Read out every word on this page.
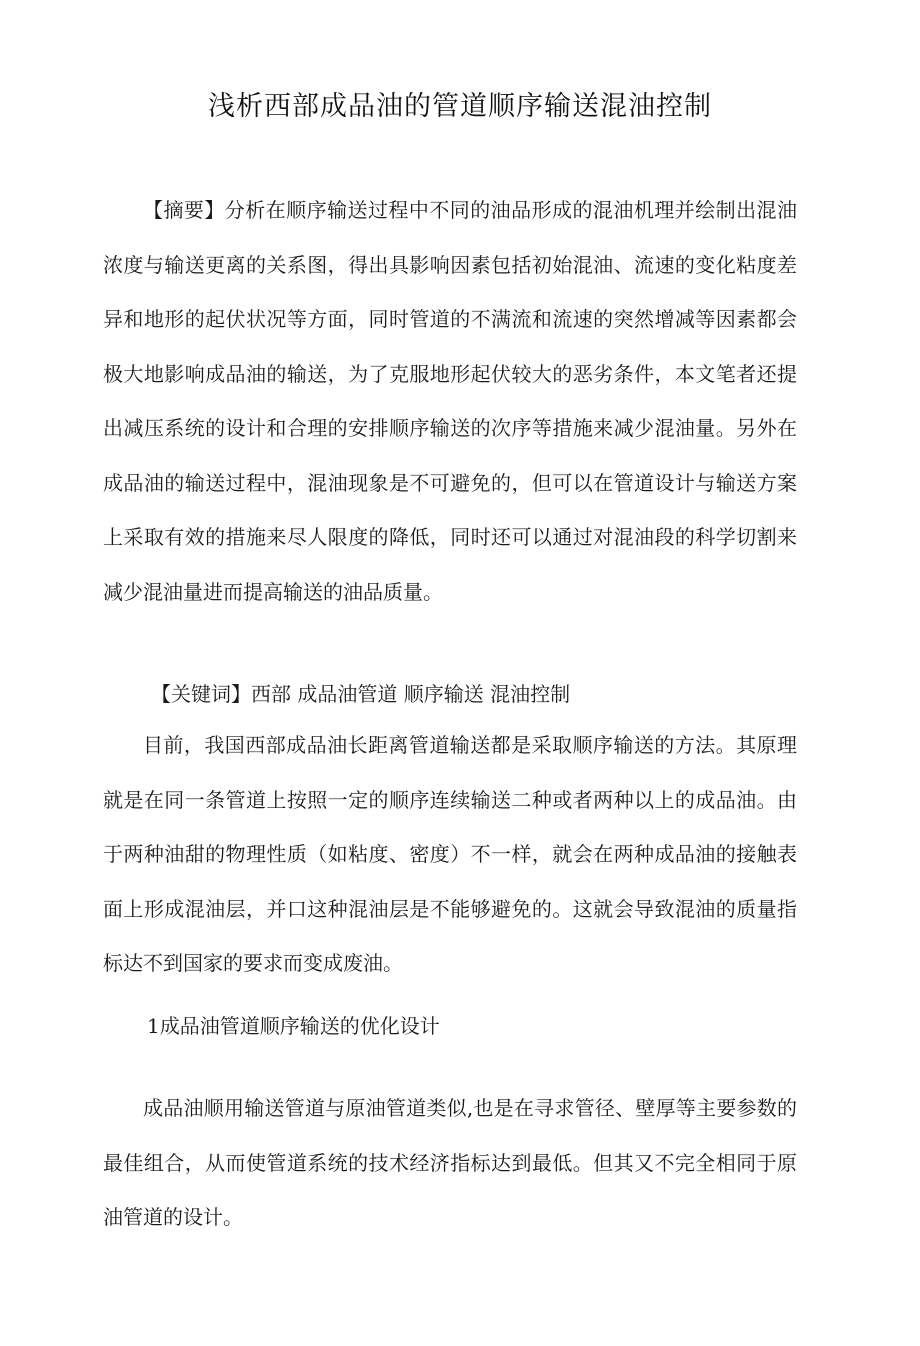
浅析西部成品油的管道顺序输送混油控制

【摘要】分析在顺序输送过程中不同的油品形成的混油机理并绘制出混油浓度与输送更离的关系图，得出具影响因素包括初始混油、流速的变化粘度差异和地形的起伏状况等方面，同时管道的不满流和流速的突然增减等因素都会极大地影响成品油的输送，为了克服地形起伏较大的恶劣条件，本文笔者还提出减压系统的设计和合理的安排顺序输送的次序等措施来减少混油量。另外在成品油的输送过程中，混油现象是不可避免的，但可以在管道设计与输送方案上采取有效的措施来尽人限度的降低，同时还可以通过对混油段的科学切割来减少混油量进而提高输送的油品质量。

【关键词】西部 成品油管道 顺序输送 混油控制

目前，我国西部成品油长距离管道输送都是采取顺序输送的方法。其原理就是在同一条管道上按照一定的顺序连续输送二种或者两种以上的成品油。由于两种油甜的物理性质（如粘度、密度）不一样，就会在两种成品油的接触表面上形成混油层，并口这种混油层是不能够避免的。这就会导致混油的质量指标达不到国家的要求而变成废油。

1成品油管道顺序输送的优化设计

成品油顺用输送管道与原油管道类似,也是在寻求管径、壁厚等主要参数的最佳组合，从而使管道系统的技术经济指标达到最低。但其又不完全相同于原油管道的设计。
